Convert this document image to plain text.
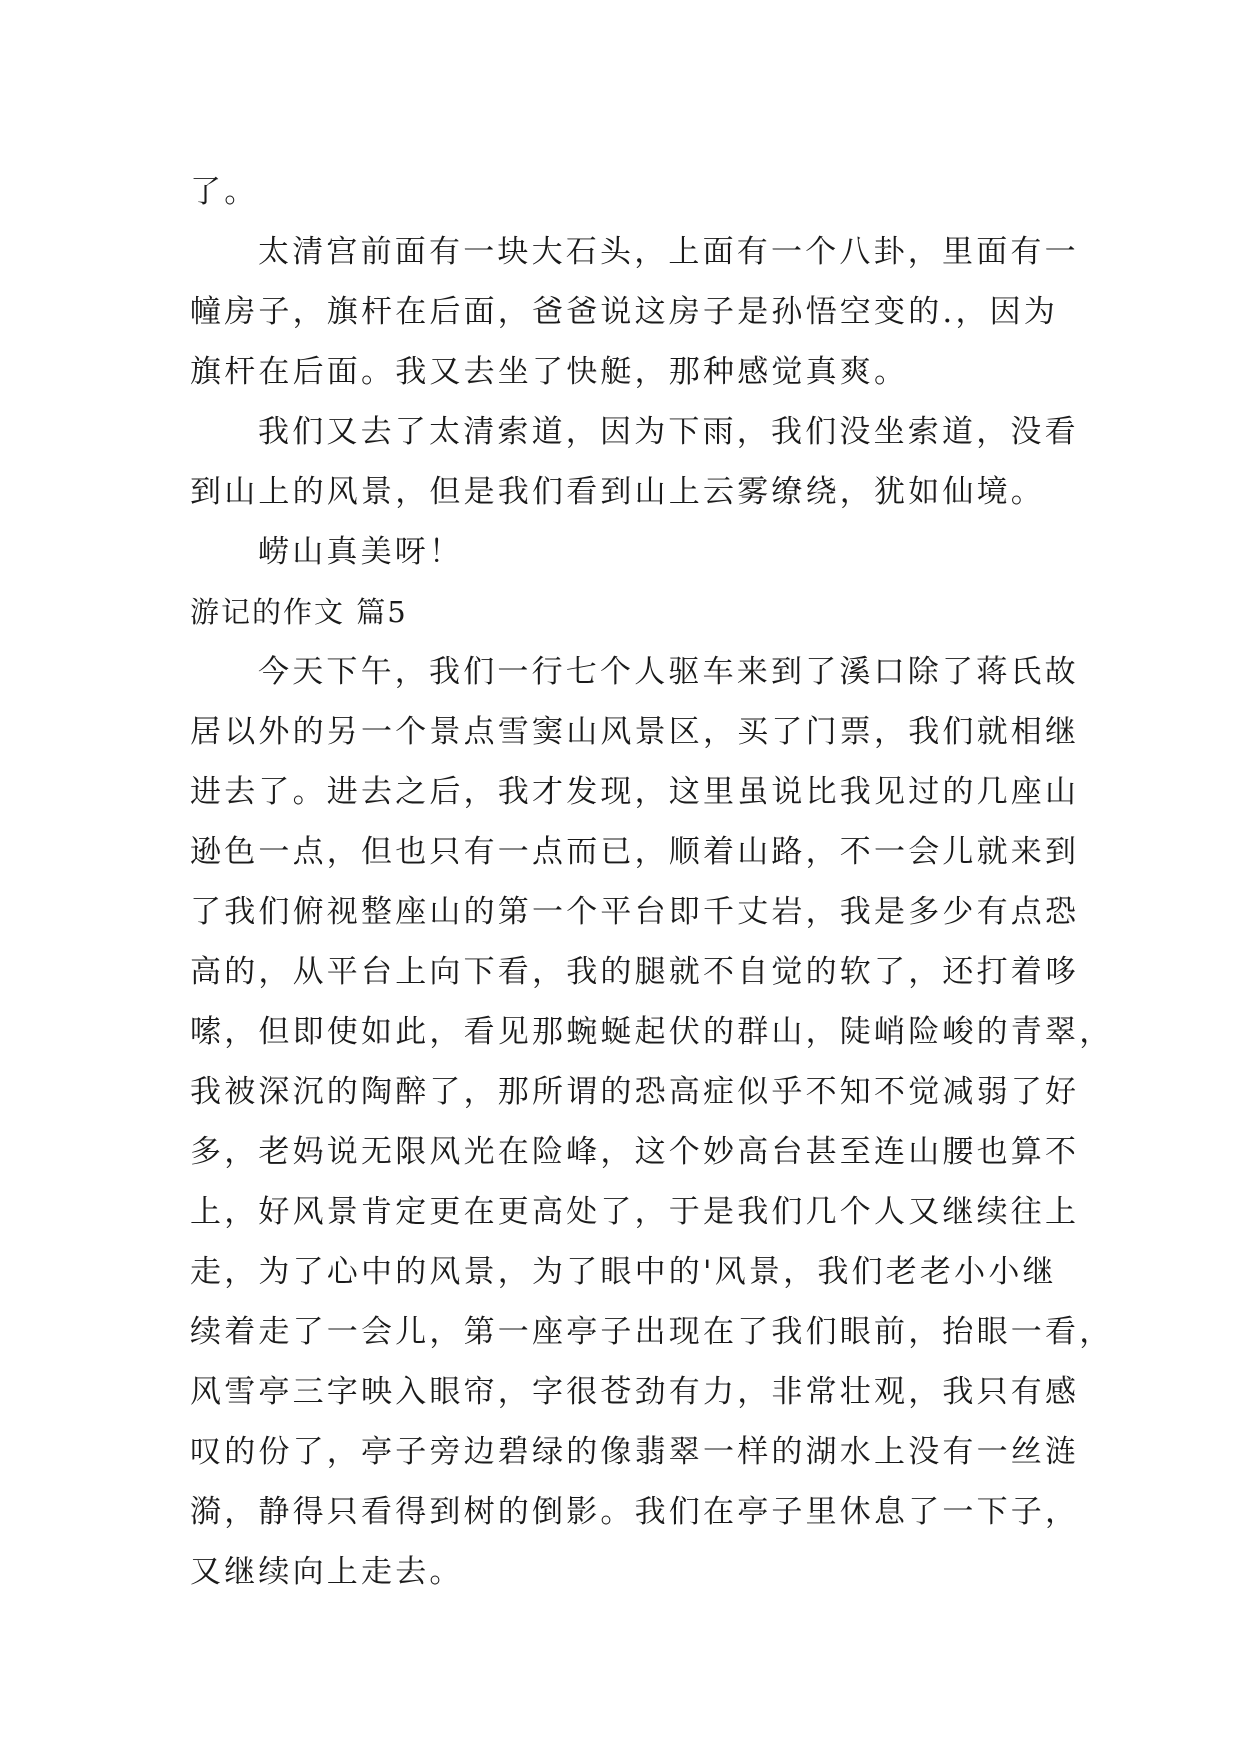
了。
太清宫前面有一块大石头，上面有一个八卦，里面有一
幢房子，旗杆在后面，爸爸说这房子是孙悟空变的.，因为
旗杆在后面。我又去坐了快艇，那种感觉真爽。
我们又去了太清索道，因为下雨，我们没坐索道，没看
到山上的风景，但是我们看到山上云雾缭绕，犹如仙境。
崂山真美呀！
游记的作文 篇5
今天下午，我们一行七个人驱车来到了溪口除了蒋氏故
居以外的另一个景点雪窦山风景区，买了门票，我们就相继
进去了。进去之后，我才发现，这里虽说比我见过的几座山
逊色一点，但也只有一点而已，顺着山路，不一会儿就来到
了我们俯视整座山的第一个平台即千丈岩，我是多少有点恐
高的，从平台上向下看，我的腿就不自觉的软了，还打着哆
嗦，但即使如此，看见那蜿蜒起伏的群山，陡峭险峻的青翠，
我被深沉的陶醉了，那所谓的恐高症似乎不知不觉减弱了好
多，老妈说无限风光在险峰，这个妙高台甚至连山腰也算不
上，好风景肯定更在更高处了，于是我们几个人又继续往上
走，为了心中的风景，为了眼中的'风景，我们老老小小继
续着走了一会儿，第一座亭子出现在了我们眼前，抬眼一看，
风雪亭三字映入眼帘，字很苍劲有力，非常壮观，我只有感
叹的份了，亭子旁边碧绿的像翡翠一样的湖水上没有一丝涟
漪，静得只看得到树的倒影。我们在亭子里休息了一下子，
又继续向上走去。
